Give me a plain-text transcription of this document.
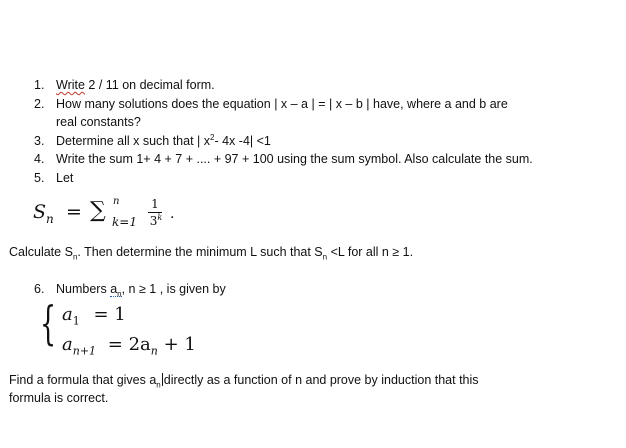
1. Write 2 / 11 on decimal form.
2. How many solutions does the equation | x – a | = | x – b | have, where a and b are
real constants?
3. Determine all x such that | $x^2-$ 4x -4| <1
4. Write the sum 1+ 4 + 7 + .... + 97 + 100 using the sum symbol. Also calculate the sum.
5. Let
$S_n$ = ∑ n
k=1
1
3$^k$ .
Calculate $S_n$. Then determine the minimum L such that $S_n <L$ for all n ≥ 1.
6. Numbers $a_n$, n ≥ 1 , is given by
{ $a_1 = 1$
$a_{n+1} = 2a_n + 1$
Find a formula that gives $a_n$ directly as a function of n and prove by induction that this
formula is correct.
